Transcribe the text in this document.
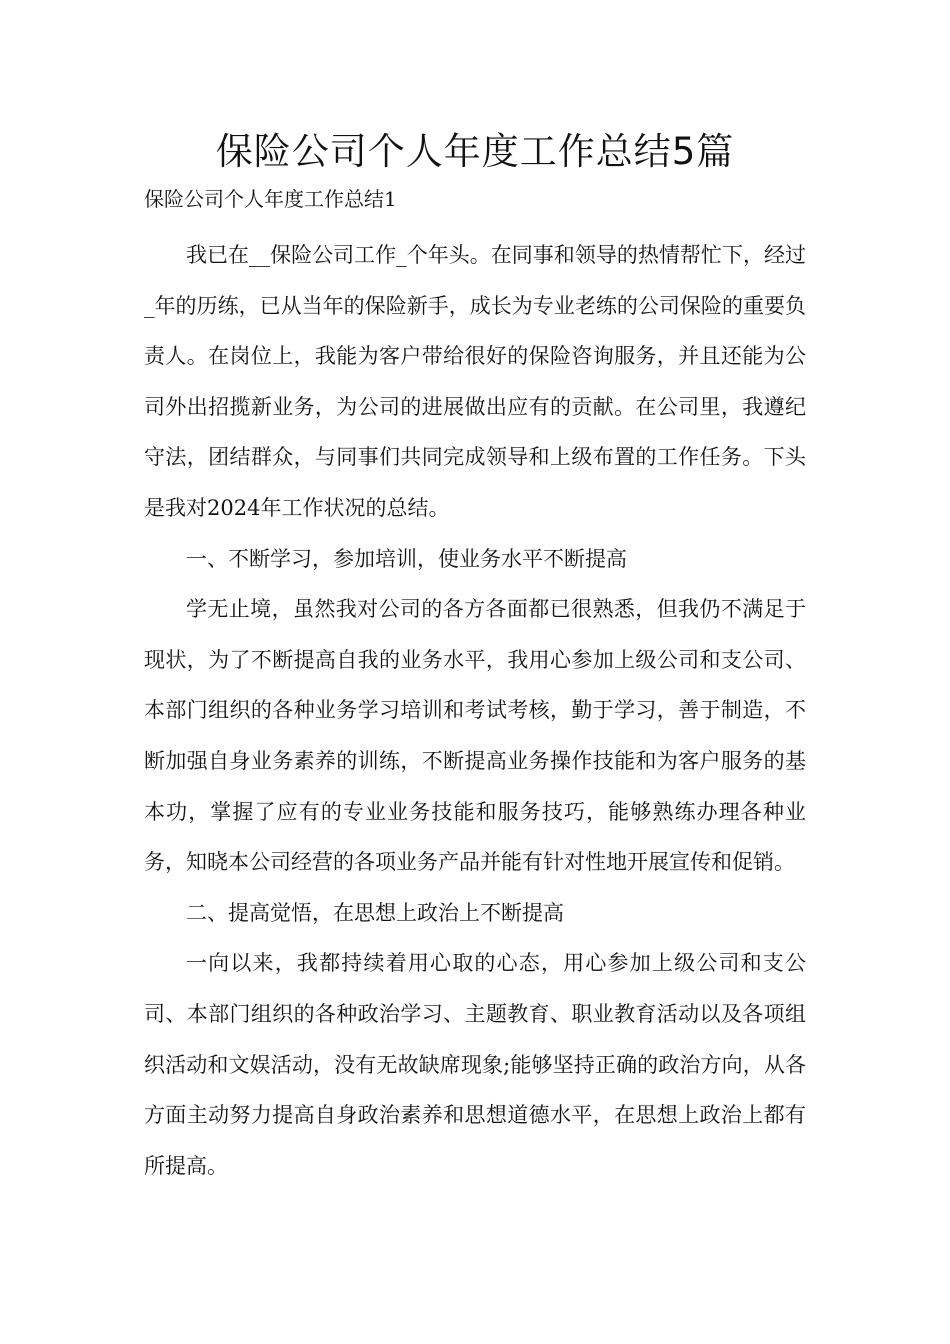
保险公司个人年度工作总结5篇

保险公司个人年度工作总结1

我已在__保险公司工作_个年头。在同事和领导的热情帮忙下，经过_年的历练，已从当年的保险新手，成长为专业老练的公司保险的重要负责人。在岗位上，我能为客户带给很好的保险咨询服务，并且还能为公司外出招揽新业务，为公司的进展做出应有的贡献。在公司里，我遵纪守法，团结群众，与同事们共同完成领导和上级布置的工作任务。下头是我对2024年工作状况的总结。

一、不断学习，参加培训，使业务水平不断提高

学无止境，虽然我对公司的各方各面都已很熟悉，但我仍不满足于现状，为了不断提高自我的业务水平，我用心参加上级公司和支公司、本部门组织的各种业务学习培训和考试考核，勤于学习，善于制造，不断加强自身业务素养的训练，不断提高业务操作技能和为客户服务的基本功，掌握了应有的专业业务技能和服务技巧，能够熟练办理各种业务，知晓本公司经营的各项业务产品并能有针对性地开展宣传和促销。

二、提高觉悟，在思想上政治上不断提高

一向以来，我都持续着用心取的心态，用心参加上级公司和支公司、本部门组织的各种政治学习、主题教育、职业教育活动以及各项组织活动和文娱活动，没有无故缺席现象;能够坚持正确的政治方向，从各方面主动努力提高自身政治素养和思想道德水平，在思想上政治上都有所提高。
